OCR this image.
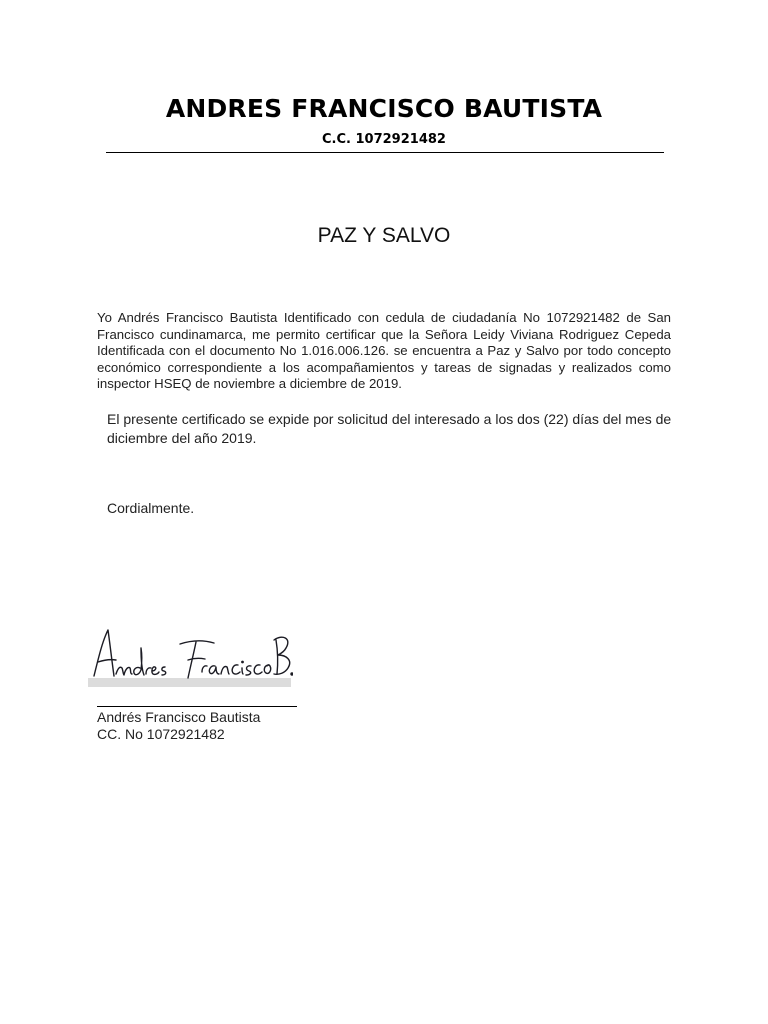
ANDRES FRANCISCO BAUTISTA
C.C. 1072921482
PAZ Y SALVO
Yo Andrés Francisco Bautista Identificado con cedula de ciudadanía No 1072921482 de San Francisco cundinamarca, me permito certificar que la Señora Leidy Viviana Rodriguez Cepeda Identificada con el documento No 1.016.006.126. se encuentra a Paz y Salvo por todo concepto económico correspondiente a los acompañamientos y tareas de signadas y realizados como inspector HSEQ de noviembre a diciembre de 2019.
El presente certificado se expide por solicitud del interesado a los dos (22) días del mes de diciembre del año 2019.
Cordialmente.
Andrés Francisco Bautista
CC. No 1072921482
